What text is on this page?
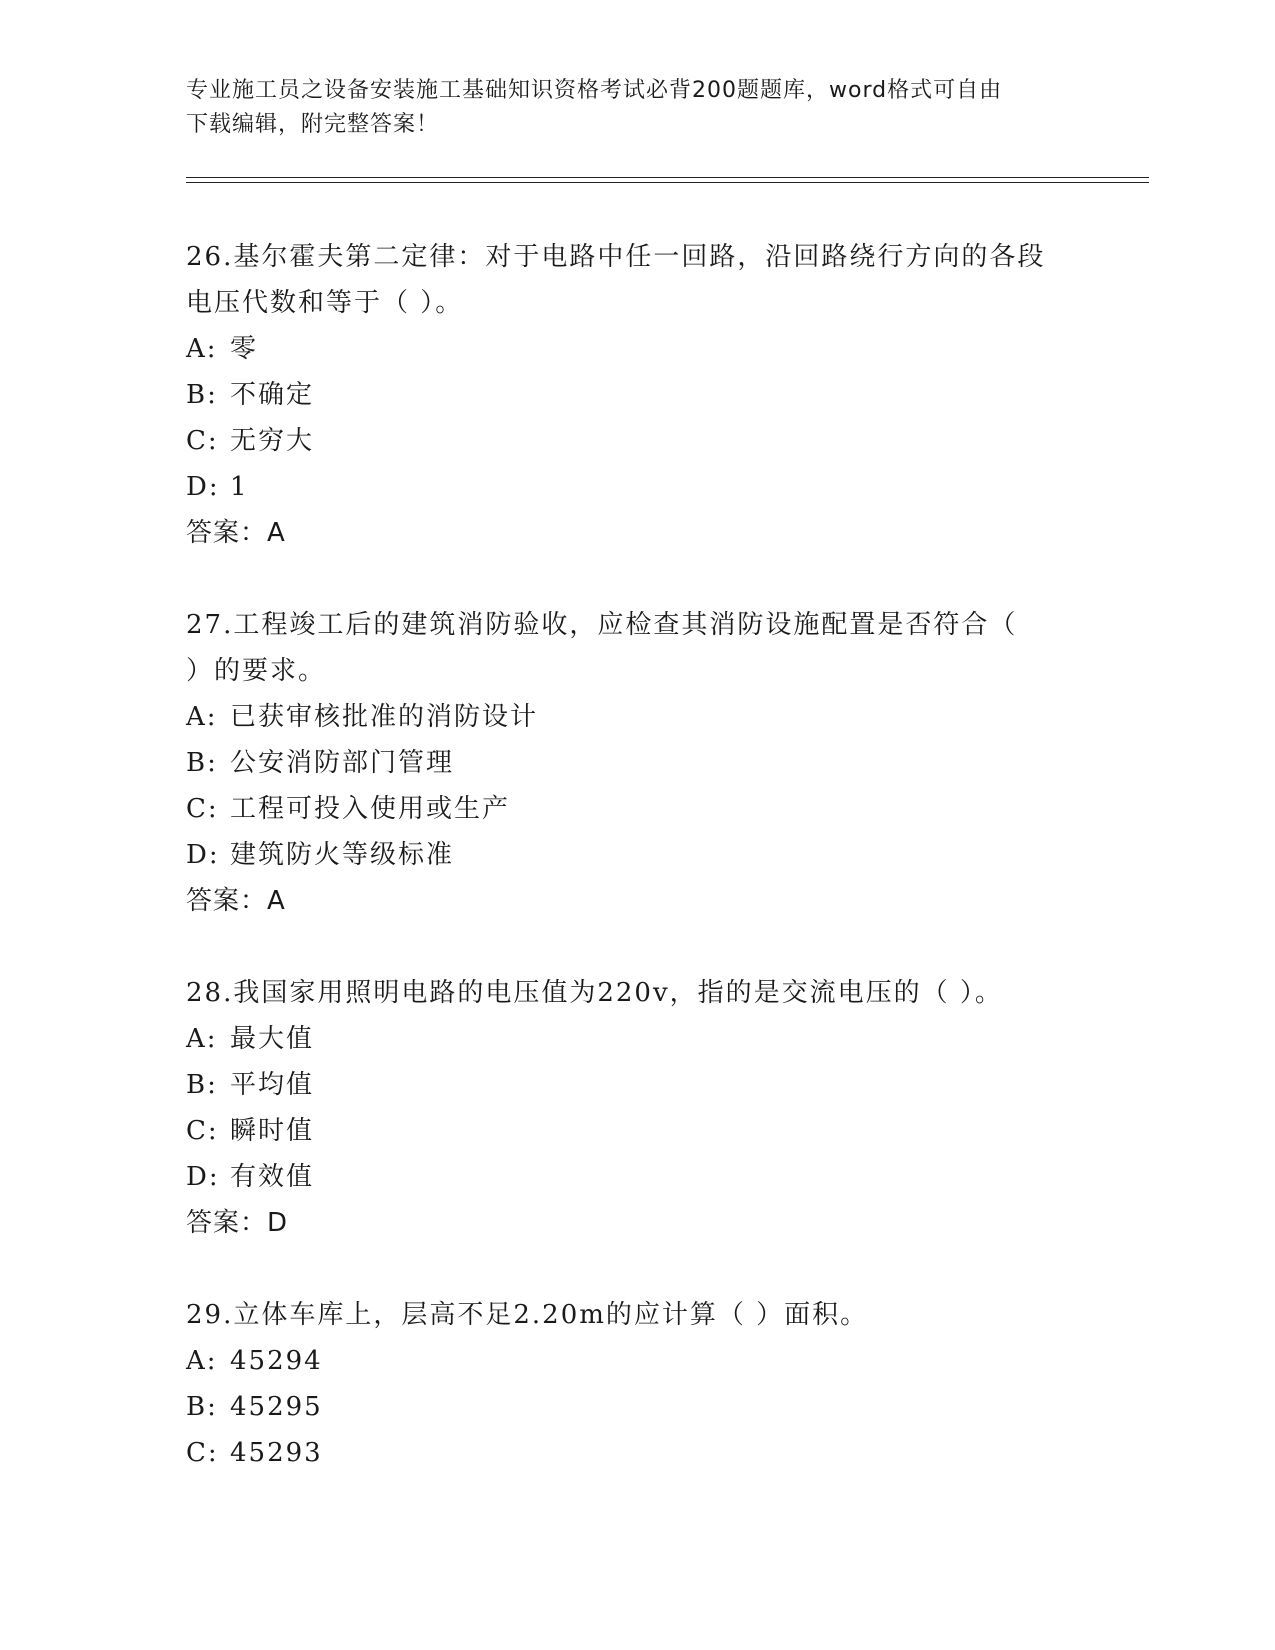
专业施工员之设备安装施工基础知识资格考试必背200题题库，word格式可自由
下载编辑，附完整答案！

26.基尔霍夫第二定律：对于电路中任一回路，沿回路绕行方向的各段

电压代数和等于（ ）。

A: 零
B: 不确定
C: 无穷大
D: 1

答案：A

27.工程竣工后的建筑消防验收，应检查其消防设施配置是否符合（

）的要求。

A: 已获审核批准的消防设计
B: 公安消防部门管理
C: 工程可投入使用或生产
D: 建筑防火等级标准

答案：A

28.我国家用照明电路的电压值为220v，指的是交流电压的（ ）。

A: 最大值
B: 平均值
C: 瞬时值
D: 有效值

答案：D

29.立体车库上，层高不足2.20m的应计算（ ）面积。

A: 45294
B: 45295
C: 45293
